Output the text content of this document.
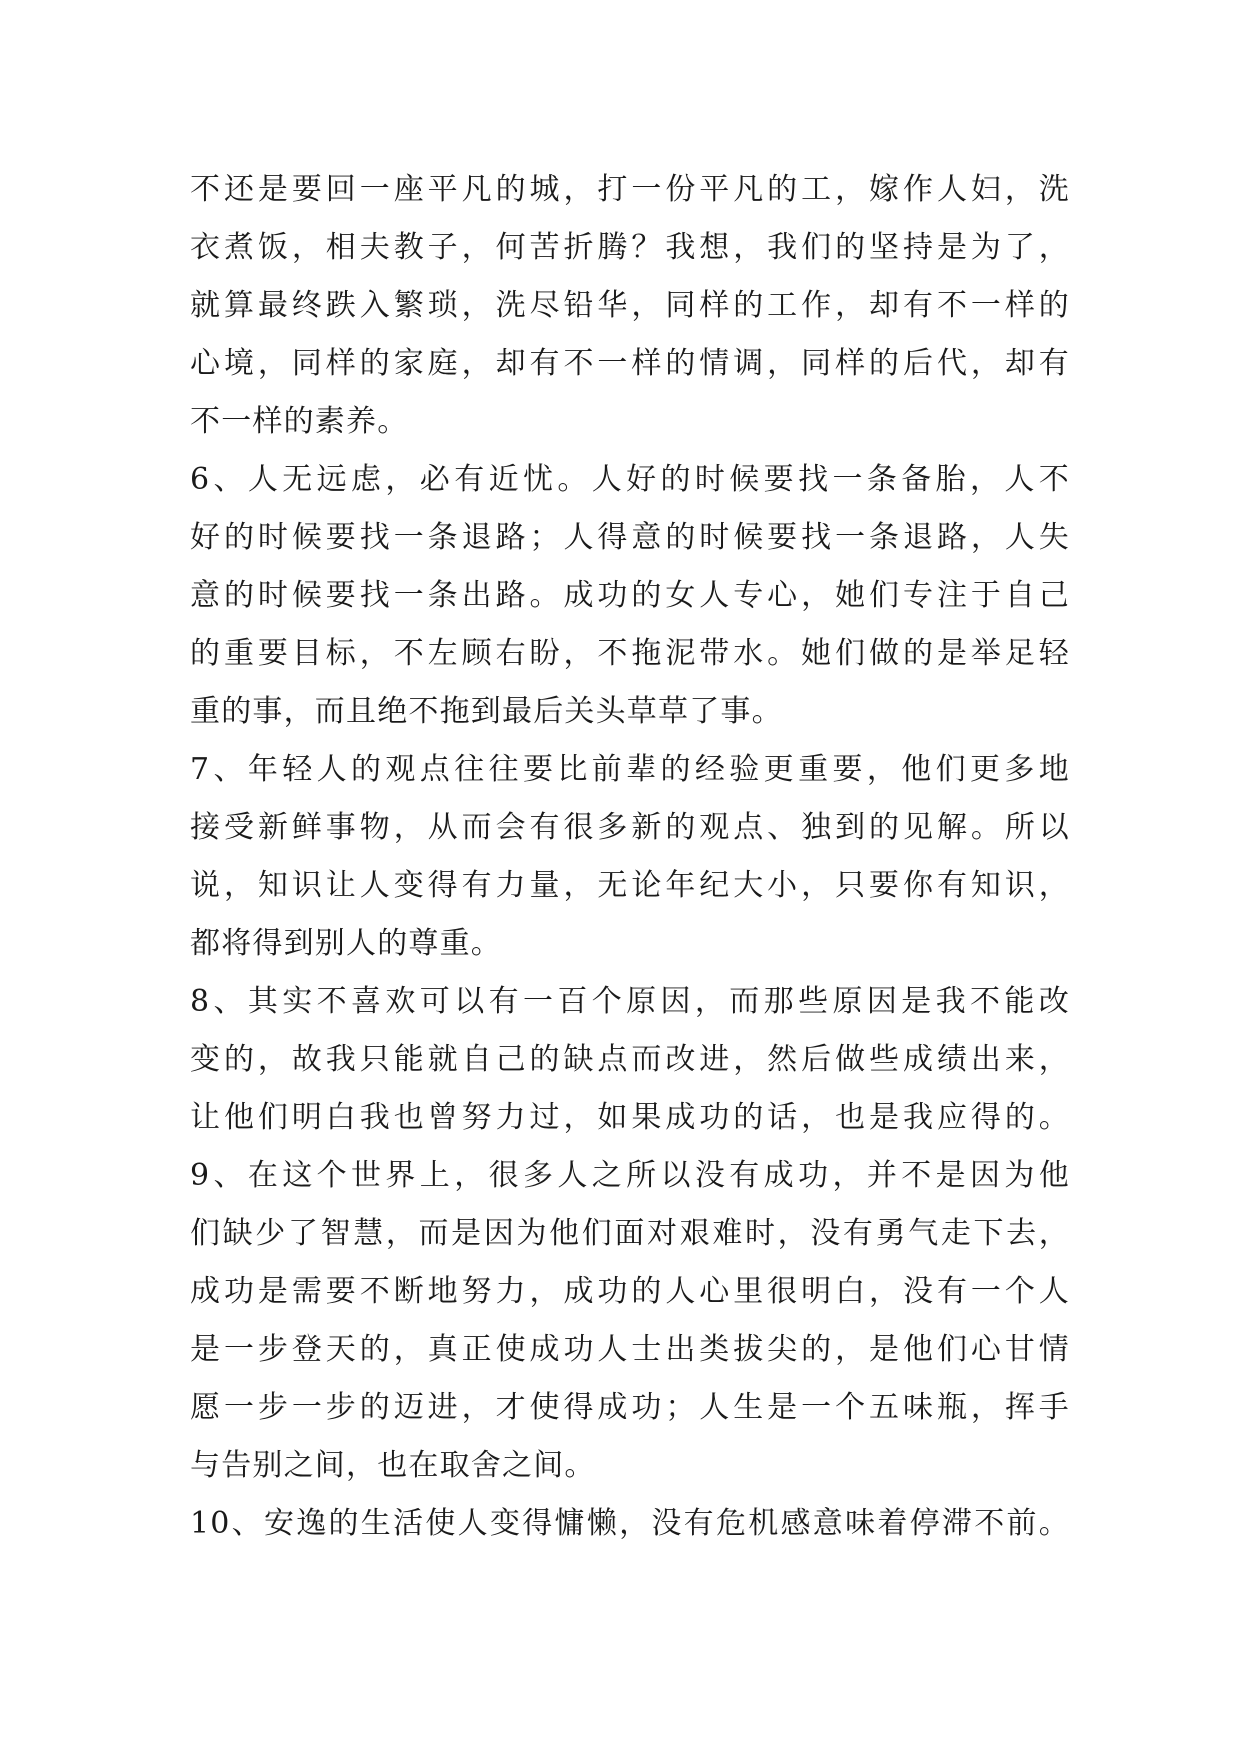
不还是要回一座平凡的城，打一份平凡的工，嫁作人妇，洗
衣煮饭，相夫教子，何苦折腾？我想，我们的坚持是为了，
就算最终跌入繁琐，洗尽铅华，同样的工作，却有不一样的
心境，同样的家庭，却有不一样的情调，同样的后代，却有
不一样的素养。
6、人无远虑，必有近忧。人好的时候要找一条备胎，人不
好的时候要找一条退路；人得意的时候要找一条退路，人失
意的时候要找一条出路。成功的女人专心，她们专注于自己
的重要目标，不左顾右盼，不拖泥带水。她们做的是举足轻
重的事，而且绝不拖到最后关头草草了事。
7、年轻人的观点往往要比前辈的经验更重要，他们更多地
接受新鲜事物，从而会有很多新的观点、独到的见解。所以
说，知识让人变得有力量，无论年纪大小，只要你有知识，
都将得到别人的尊重。
8、其实不喜欢可以有一百个原因，而那些原因是我不能改
变的，故我只能就自己的缺点而改进，然后做些成绩出来，
让他们明白我也曾努力过，如果成功的话，也是我应得的。
9、在这个世界上，很多人之所以没有成功，并不是因为他
们缺少了智慧，而是因为他们面对艰难时，没有勇气走下去，
成功是需要不断地努力，成功的人心里很明白，没有一个人
是一步登天的，真正使成功人士出类拔尖的，是他们心甘情
愿一步一步的迈进，才使得成功；人生是一个五味瓶，挥手
与告别之间，也在取舍之间。
10、安逸的生活使人变得慵懒，没有危机感意味着停滞不前。
